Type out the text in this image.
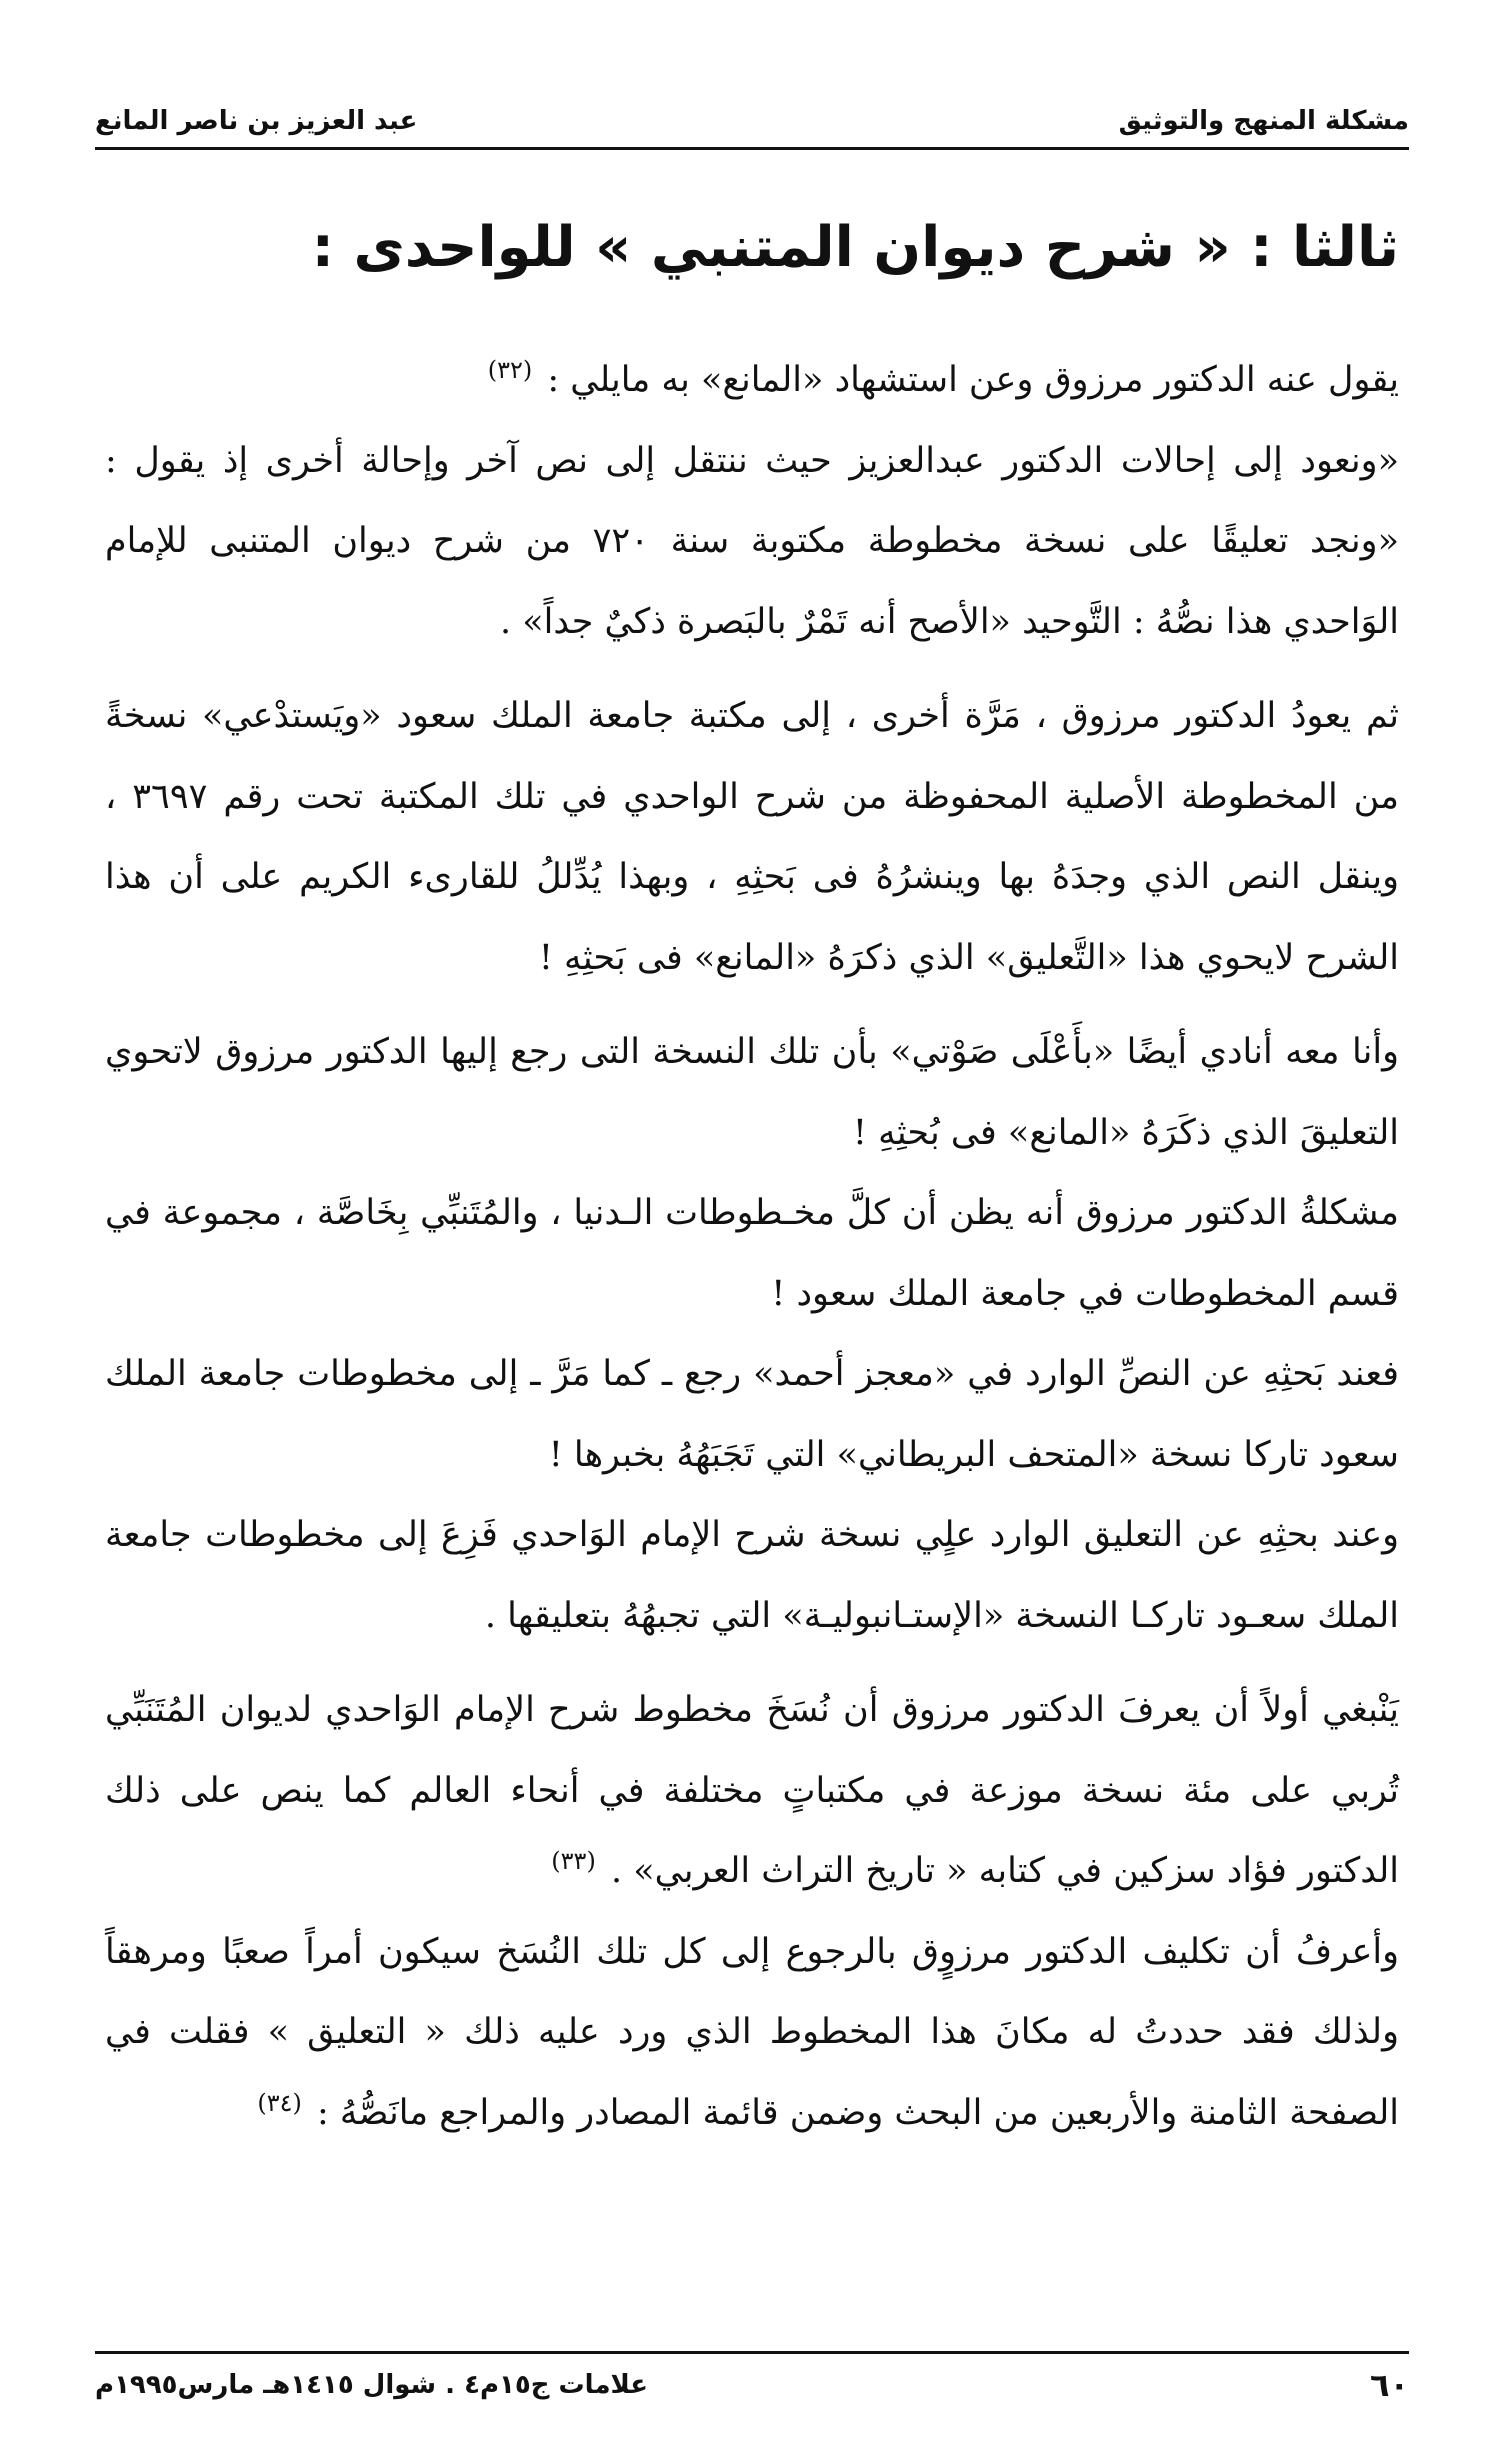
مشكلة المنهج والتوثيق
عبد العزيز بن ناصر المانع
ثالثا : « شرح ديوان المتنبي » للواحدى :

يقول عنه الدكتور مرزوق وعن استشهاد «المانع» به مايلي : $^{(٣٢)}$

«ونعود إلى إحالات الدكتور عبدالعزيز حيث ننتقل إلى نص آخر وإحالة أخرى إذ يقول : «ونجد تعليقًا على نسخة مخطوطة مكتوبة سنة ٧٢٠ من شرح ديوان المتنبى للإمام الوَاحدي هذا نصُّهُ : التَّوحيد «الأصح أنه تَمْرٌ بالبَصرة ذكيٌ جداً» .

ثم يعودُ الدكتور مرزوق ، مَرَّة أخرى ، إلى مكتبة جامعة الملك سعود «ويَستدْعي» نسخةً من المخطوطة الأصلية المحفوظة من شرح الواحدي في تلك المكتبة تحت رقم ٣٦٩٧ ، وينقل النص الذي وجدَهُ بها وينشرُهُ فى بَحثِهِ ، وبهذا يُدِّللُ للقارىء الكريم على أن هذا الشرح لايحوي هذا «التَّعليق» الذي ذكرَهُ «المانع» فى بَحثِهِ !

وأنا معه أنادي أيضًا «بأَعْلَى صَوْتي» بأن تلك النسخة التى رجع إليها الدكتور مرزوق لاتحوي التعليقَ الذي ذكَرَهُ «المانع» فى بُحثِهِ !

مشكلةُ الدكتور مرزوق أنه يظن أن كلَّ مخـطوطات الـدنيا ، والمُتَنبِّي بِخَاصَّة ، مجموعة في قسم المخطوطات في جامعة الملك سعود !

فعند بَحثِهِ عن النصِّ الوارد في «معجز أحمد» رجع ـ كما مَرَّ ـ إلى مخطوطات جامعة الملك سعود تاركا نسخة «المتحف البريطاني» التي تَجَبَهُهُ بخبرها !

وعند بحثِهِ عن التعليق الوارد علٍي نسخة شرح الإمام الوَاحدي فَزِعَ إلى مخطوطات جامعة الملك سعـود تاركـا النسخة «الإستـانبوليـة» التي تجبهُهُ بتعليقها .

يَنْبغي أولاً أن يعرفَ الدكتور مرزوق أن نُسَخَ مخطوط شرح الإمام الوَاحدي لديوان المُتَنَبِّي تُربي على مئة نسخة موزعة في مكتباتٍ مختلفة في أنحاء العالم كما ينص على ذلك الدكتور فؤاد سزكين في كتابه « تاريخ التراث العربي» . $^{(٣٣)}$

وأعرفُ أن تكليف الدكتور مرزوٍق بالرجوع إلى كل تلك النُسَخ سيكون أمراً صعبًا ومرهقاً ولذلك فقد حددتُ له مكانَ هذا المخطوط الذي ورد عليه ذلك « التعليق » فقلت في الصفحة الثامنة والأربعين من البحث وضمن قائمة المصادر والمراجع مانَصُّهُ : $^{(٣٤)}$

٦٠
علامات ج١٥م٤ . شوال ١٤١٥هـ مارس١٩٩٥م
